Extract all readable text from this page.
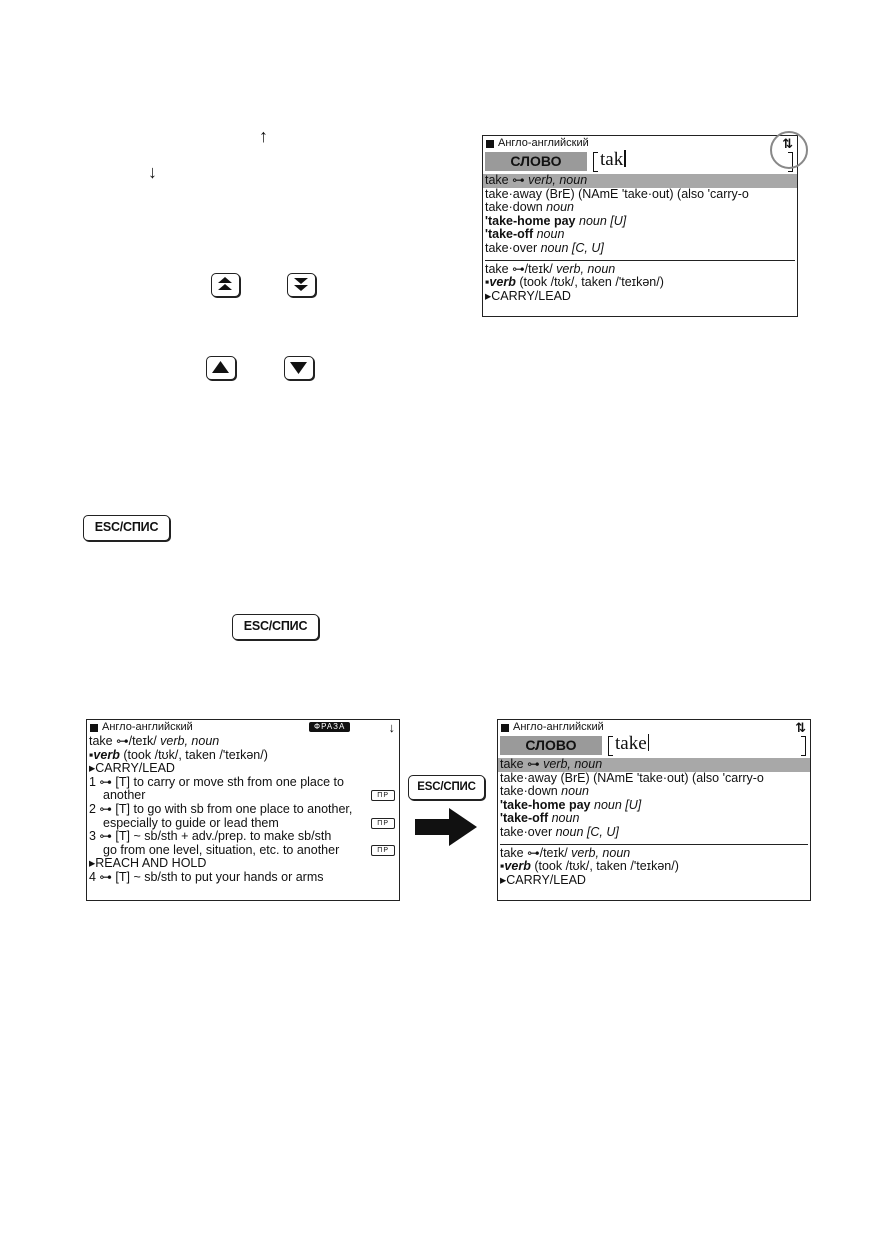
↑
↓
ESC/СПИС
ESC/СПИС
Англо-английский	⇅
СЛОВО	tak
take ⊶ verb, noun
take·away (BrE) (NAmE 'take·out) (also 'carry-o
take·down noun
'take-home pay noun [U]
'take-off noun
take·over noun [C, U]
take ⊶/teɪk/ verb, noun
▪verb (took /tʊk/, taken /'teɪkən/)
▸CARRY/LEAD
Англо-английский	ФРАЗА	↓
take ⊶/teɪk/ verb, noun
▪verb (took /tʊk/, taken /'teɪkən/)
▸CARRY/LEAD
1 ⊶ [T] to carry or move sth from one place to
another	ПР
2 ⊶ [T] to go with sb from one place to another,
especially to guide or lead them	ПР
3 ⊶ [T] ~ sb/sth + adv./prep. to make sb/sth
go from one level, situation, etc. to another	ПР
▸REACH AND HOLD
4 ⊶ [T] ~ sb/sth to put your hands or arms
ESC/СПИС
Англо-английский	⇅
СЛОВО	take
take ⊶ verb, noun
take·away (BrE) (NAmE 'take·out) (also 'carry-o
take·down noun
'take-home pay noun [U]
'take-off noun
take·over noun [C, U]
take ⊶/teɪk/ verb, noun
▪verb (took /tʊk/, taken /'teɪkən/)
▸CARRY/LEAD
